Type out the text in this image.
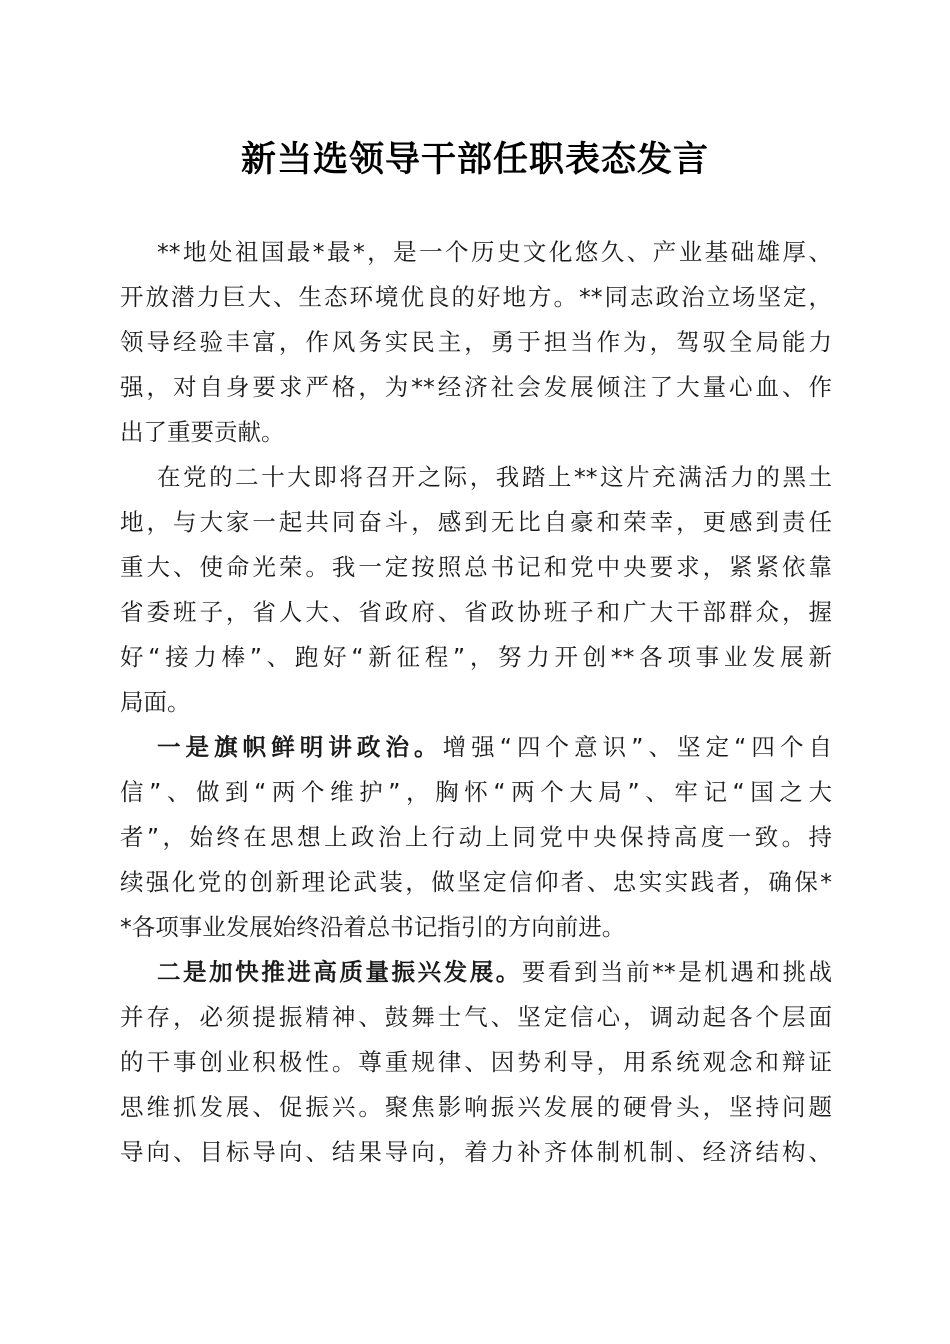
新当选领导干部任职表态发言
**地处祖国最*最*，是一个历史文化悠久、产业基础雄厚、
开放潜力巨大、生态环境优良的好地方。**同志政治立场坚定，
领导经验丰富，作风务实民主，勇于担当作为，驾驭全局能力
强，对自身要求严格，为**经济社会发展倾注了大量心血、作
出了重要贡献。
在党的二十大即将召开之际，我踏上**这片充满活力的黑土
地，与大家一起共同奋斗，感到无比自豪和荣幸，更感到责任
重大、使命光荣。我一定按照总书记和党中央要求，紧紧依靠
省委班子，省人大、省政府、省政协班子和广大干部群众，握
好“接力棒”、跑好“新征程”，努力开创**各项事业发展新
局面。
一是旗帜鲜明讲政治。增强“四个意识”、坚定“四个自
信”、做到“两个维护”，胸怀“两个大局”、牢记“国之大
者”，始终在思想上政治上行动上同党中央保持高度一致。持
续强化党的创新理论武装，做坚定信仰者、忠实实践者，确保*
*各项事业发展始终沿着总书记指引的方向前进。
二是加快推进高质量振兴发展。要看到当前**是机遇和挑战
并存，必须提振精神、鼓舞士气、坚定信心，调动起各个层面
的干事创业积极性。尊重规律、因势利导，用系统观念和辩证
思维抓发展、促振兴。聚焦影响振兴发展的硬骨头，坚持问题
导向、目标导向、结果导向，着力补齐体制机制、经济结构、
